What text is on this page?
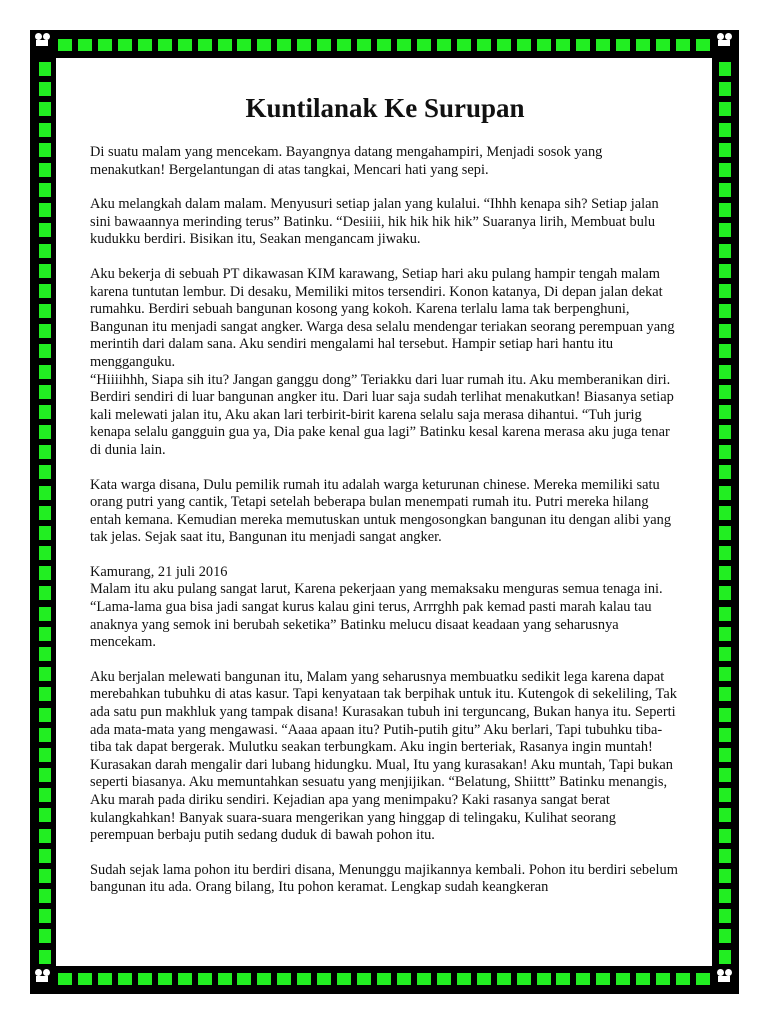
Kuntilanak Ke Surupan

Di suatu malam yang mencekam. Bayangnya datang mengahampiri, Menjadi sosok yang menakutkan! Bergelantungan di atas tangkai, Mencari hati yang sepi.

Aku melangkah dalam malam. Menyusuri setiap jalan yang kulalui. “Ihhh kenapa sih? Setiap jalan sini bawaannya merinding terus” Batinku. “Desiiii, hik hik hik hik” Suaranya lirih, Membuat bulu kudukku berdiri. Bisikan itu, Seakan mengancam jiwaku.

Aku bekerja di sebuah PT dikawasan KIM karawang, Setiap hari aku pulang hampir tengah malam karena tuntutan lembur. Di desaku, Memiliki mitos tersendiri. Konon katanya, Di depan jalan dekat rumahku. Berdiri sebuah bangunan kosong yang kokoh. Karena terlalu lama tak berpenghuni, Bangunan itu menjadi sangat angker. Warga desa selalu mendengar teriakan seorang perempuan yang merintih dari dalam sana. Aku sendiri mengalami hal tersebut. Hampir setiap hari hantu itu mengganguku.

“Hiiiihhh, Siapa sih itu? Jangan ganggu dong” Teriakku dari luar rumah itu. Aku memberanikan diri. Berdiri sendiri di luar bangunan angker itu. Dari luar saja sudah terlihat menakutkan! Biasanya setiap kali melewati jalan itu, Aku akan lari terbirit-birit karena selalu saja merasa dihantui. “Tuh jurig kenapa selalu gangguin gua ya, Dia pake kenal gua lagi” Batinku kesal karena merasa aku juga tenar di dunia lain.

Kata warga disana, Dulu pemilik rumah itu adalah warga keturunan chinese. Mereka memiliki satu orang putri yang cantik, Tetapi setelah beberapa bulan menempati rumah itu. Putri mereka hilang entah kemana. Kemudian mereka memutuskan untuk mengosongkan bangunan itu dengan alibi yang tak jelas. Sejak saat itu, Bangunan itu menjadi sangat angker.

Kamurang, 21 juli 2016

Malam itu aku pulang sangat larut, Karena pekerjaan yang memaksaku menguras semua tenaga ini. “Lama-lama gua bisa jadi sangat kurus kalau gini terus, Arrrghh pak kemad pasti marah kalau tau anaknya yang semok ini berubah seketika” Batinku melucu disaat keadaan yang seharusnya mencekam.

Aku berjalan melewati bangunan itu, Malam yang seharusnya membuatku sedikit lega karena dapat merebahkan tubuhku di atas kasur. Tapi kenyataan tak berpihak untuk itu. Kutengok di sekeliling, Tak ada satu pun makhluk yang tampak disana! Kurasakan tubuh ini terguncang, Bukan hanya itu. Seperti ada mata-mata yang mengawasi. “Aaaa apaan itu? Putih-putih gitu” Aku berlari, Tapi tubuhku tiba-tiba tak dapat bergerak. Mulutku seakan terbungkam. Aku ingin berteriak, Rasanya ingin muntah! Kurasakan darah mengalir dari lubang hidungku. Mual, Itu yang kurasakan! Aku muntah, Tapi bukan seperti biasanya. Aku memuntahkan sesuatu yang menjijikan. “Belatung, Shiittt” Batinku menangis, Aku marah pada diriku sendiri. Kejadian apa yang menimpaku? Kaki rasanya sangat berat kulangkahkan! Banyak suara-suara mengerikan yang hinggap di telingaku, Kulihat seorang perempuan berbaju putih sedang duduk di bawah pohon itu.

Sudah sejak lama pohon itu berdiri disana, Menunggu majikannya kembali. Pohon itu berdiri sebelum bangunan itu ada. Orang bilang, Itu pohon keramat. Lengkap sudah keangkeran
